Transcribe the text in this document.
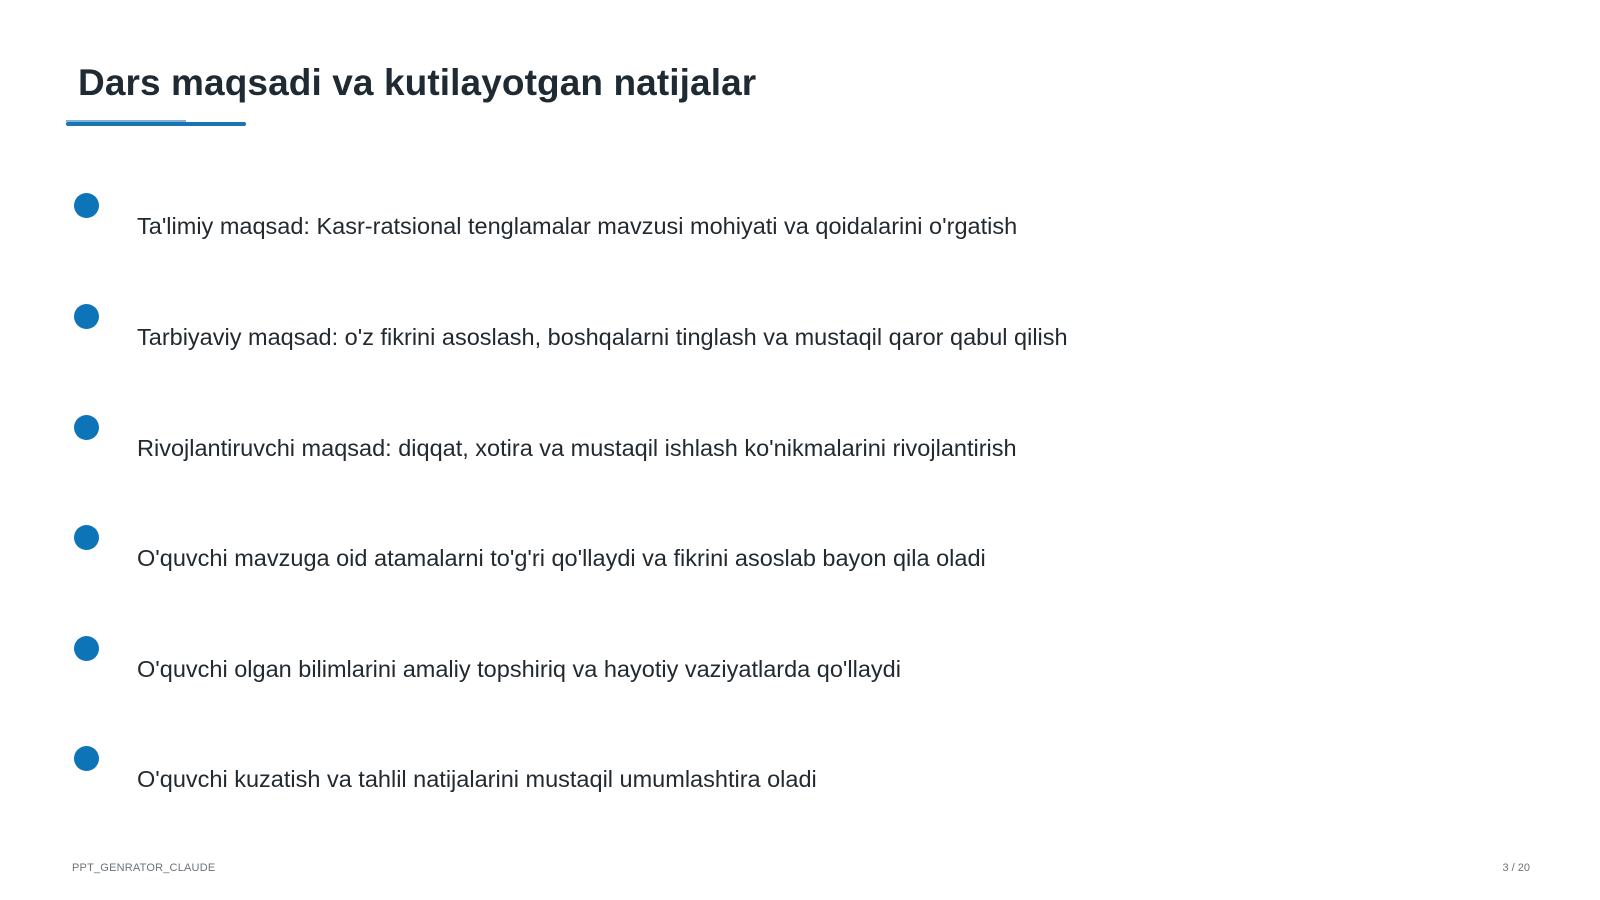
Dars maqsadi va kutilayotgan natijalar
Ta'limiy maqsad: Kasr-ratsional tenglamalar mavzusi mohiyati va qoidalarini o'rgatish
Tarbiyaviy maqsad: o'z fikrini asoslash, boshqalarni tinglash va mustaqil qaror qabul qilish
Rivojlantiruvchi maqsad: diqqat, xotira va mustaqil ishlash ko'nikmalarini rivojlantirish
O'quvchi mavzuga oid atamalarni to'g'ri qo'llaydi va fikrini asoslab bayon qila oladi
O'quvchi olgan bilimlarini amaliy topshiriq va hayotiy vaziyatlarda qo'llaydi
O'quvchi kuzatish va tahlil natijalarini mustaqil umumlashtira oladi
PPT_GENRATOR_CLAUDE	3 / 20
